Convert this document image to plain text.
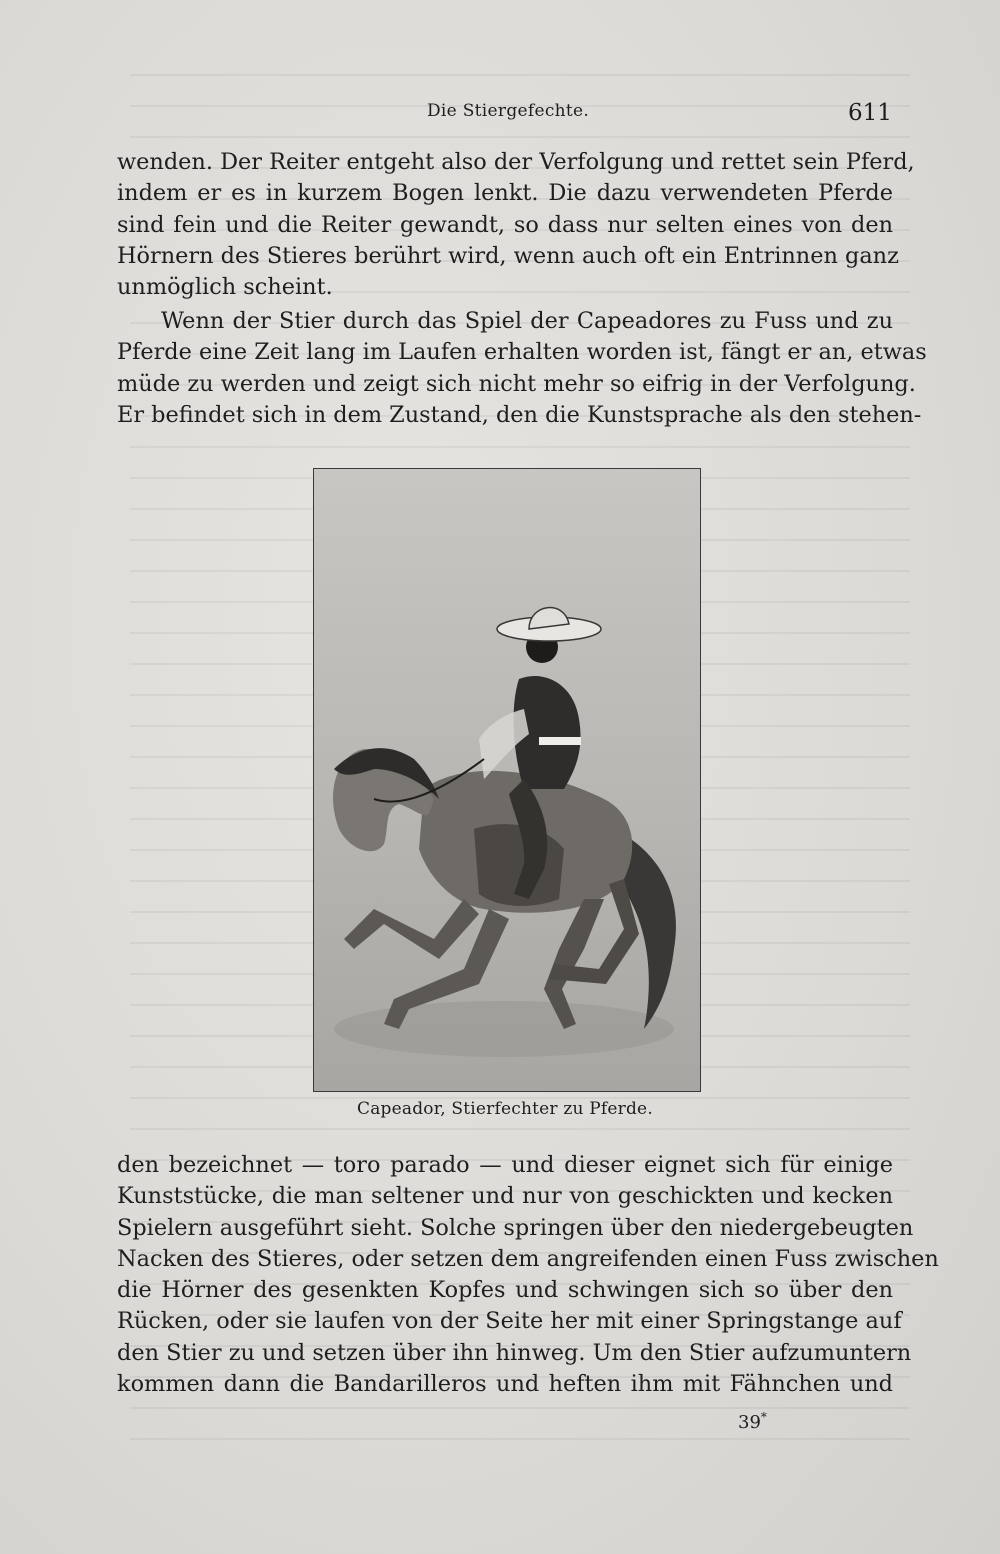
Die Stiergefechte.	611
wenden. Der Reiter entgeht also der Verfolgung und rettet sein Pferd,
indem er es in kurzem Bogen lenkt. Die dazu verwendeten Pferde
sind fein und die Reiter gewandt, so dass nur selten eines von den
Hörnern des Stieres berührt wird, wenn auch oft ein Entrinnen ganz
unmöglich scheint.
Wenn der Stier durch das Spiel der Capeadores zu Fuss und zu
Pferde eine Zeit lang im Laufen erhalten worden ist, fängt er an, etwas
müde zu werden und zeigt sich nicht mehr so eifrig in der Verfolgung.
Er befindet sich in dem Zustand, den die Kunstsprache als den stehen-
Capeador, Stierfechter zu Pferde.
den bezeichnet — toro parado — und dieser eignet sich für einige
Kunststücke, die man seltener und nur von geschickten und kecken
Spielern ausgeführt sieht. Solche springen über den niedergebeugten
Nacken des Stieres, oder setzen dem angreifenden einen Fuss zwischen
die Hörner des gesenkten Kopfes und schwingen sich so über den
Rücken, oder sie laufen von der Seite her mit einer Springstange auf
den Stier zu und setzen über ihn hinweg. Um den Stier aufzumuntern
kommen dann die Bandarilleros und heften ihm mit Fähnchen und
39*
